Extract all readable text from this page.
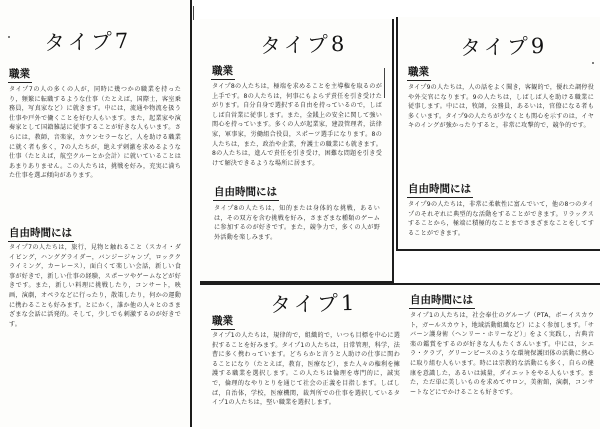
タイプ7
職業
タイプ7の人の多くの人が，同時に幾つかの職業を持ったり，頻繁に転職するような仕事（たとえば，国際士，客室乗務員，写真家など）に就きます。中には，流通や物流を扱う仕事や戸外で働くことを好む人もいます。また，起業家や演奏家として国籍雑誌に従事することが好きな人もいます。さらには，教師，音楽家，カウンセラーなど，人を助ける職業に就く者も多く，7の人たちが，絶えず刺激を求めるような仕事（たとえば，航空クルーとか会計）に就いていることはあまりありません。この人たちは，挑戦を好み，充実に満ちた仕事を選ぶ傾向があります。
自由時間には
タイプ7の人たちは，旅行，見物と触れること（スカイ・ダイビング，ハンググライダー，バンジージャンプ，ロッククライミング，カーレース），面白くて楽しい会話，新しい食事が好きで，新しい仕事の経験，スポーツやゲームなどが好きです。また，新しい料理に挑戦したり，コンサート，映画，演劇，オペラなどに行ったり，散策したり，何かの運動に携わることも好みます。とにかく，誰か他の人々とのさまざまな会話に活発的。そして，少しでも刺激するのが好きです。
タイプ8
職業
タイプ8の人たちは，極端を求めることを主導権を取るのが上手です。8の人たちは，何事にもよらず責任を引き受けたがります。自分自身で選択する自由を持っているので，しばしば自営業に従事します。また，金銭上の安全に関して強い関心を持っています。多くの人が起業家，建設管理者，法律家，軍事家，労働組合役員，スポーツ選手になります。8の人たちは，また，政治や企業，弁護士の職業にも就きます。8の人たちは，進んで責任を引き受け，困難な問題を引き受けて解決できるような場所に居ます。
自由時間には
タイプ8の人たちは，知的または身体的な挑戦，あるいは，その双方を含む挑戦を好み，さまざまな種類のゲームに参加するのが好きです。また，競争力で，多くの人が野外活動を楽しみます。
タイプ9
職業
タイプ9の人たちは，人の話をよく聞き，客観的で，優れた調停役や外交官になります。9の人たちは，しばしば人を助ける職業に従事します。中には，牧師，公務員，あるいは，官僚になる者も多くいます。タイプ9の人たちが少なくとも関心を示すのは，イヤキのイングが強かったりすると，非常に攻撃的で，競争的です。
自由時間には
タイプ9の人たちは，非常に柔軟性に富んでいて，他の8つのタイプのそれぞれに典型的な活動をすることができます。リラックスすることから，極端に積極的なことまでさまざまなことをしてすることができます。
タイプ1
職業
タイプ1の人たちは，規律的で，組織的で，いつも目標を中心に選択することを好みます。タイプ1の人たちは，日常管理，科学，法曹に多く携わっています。どちらかと言うと人助けの仕事に関わることになり（たとえば，教育，医療など），また人々の権利を擁護する職業を選択します。この人たちは倫理を専門的に，誠実で，倫理的なやりとりを通じて社会の正義を目指します。しばしば，自治体，学校，医療機関，裁判所での仕事を選択しているタイプ1の人たちは，堅い職業を選択します。
自由時間には
タイプ1の人たちは，社会奉仕のグループ（PTA，ボーイスカウト，ガールスカウト，地域活動組織など）によく参加します。「サバーン護身術（ヘンリー・ホリーなど）」をよく実践し，古典音楽の鑑賞をするのが好きな人もたくさんいます。中には，シエラ・クラブ，グリーンピースのような環境保護団体の活動に熱心に取り組む人もいます。時には宗教的な活動にも多く，自らの健康を意識した，あるいは減量，ダイエットをやる人もいます。また，ただ単に美しいものを求めてサロン，美術館，演劇，コンサートなどにでかけることも好きです。
